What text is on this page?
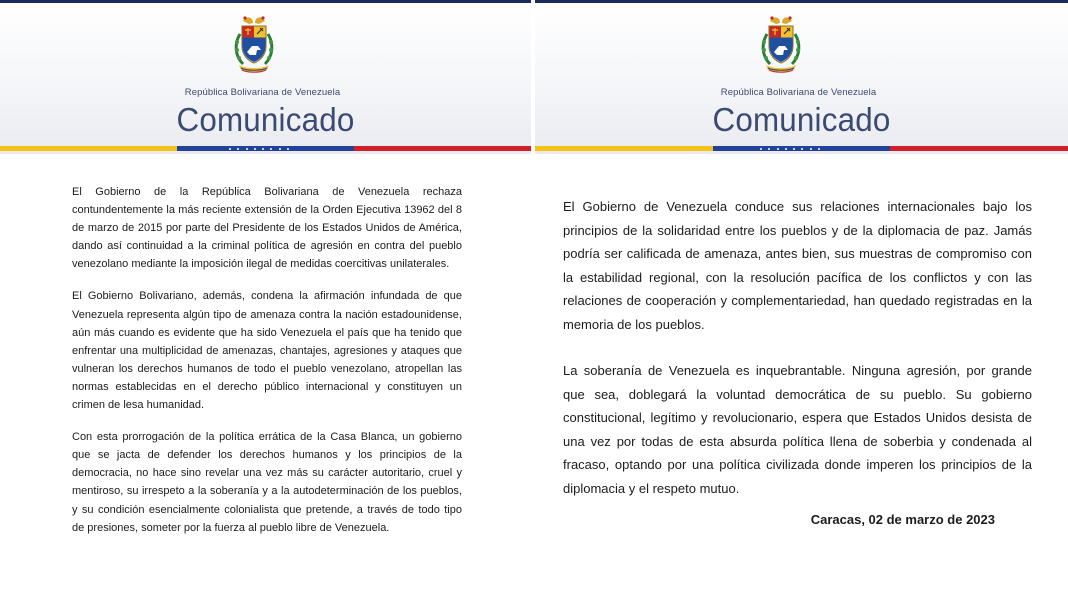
República Bolivariana de Venezuela
Comunicado

El Gobierno de la República Bolivariana de Venezuela rechaza contundentemente la más reciente extensión de la Orden Ejecutiva 13962 del 8 de marzo de 2015 por parte del Presidente de los Estados Unidos de América, dando así continuidad a la criminal política de agresión en contra del pueblo venezolano mediante la imposición ilegal de medidas coercitivas unilaterales.

El Gobierno Bolivariano, además, condena la afirmación infundada de que Venezuela representa algún tipo de amenaza contra la nación estadounidense, aún más cuando es evidente que ha sido Venezuela el país que ha tenido que enfrentar una multiplicidad de amenazas, chantajes, agresiones y ataques que vulneran los derechos humanos de todo el pueblo venezolano, atropellan las normas establecidas en el derecho público internacional y constituyen un crimen de lesa humanidad.

Con esta prorrogación de la política errática de la Casa Blanca, un gobierno que se jacta de defender los derechos humanos y los principios de la democracia, no hace sino revelar una vez más su carácter autoritario, cruel y mentiroso, su irrespeto a la soberanía y a la autodeterminación de los pueblos, y su condición esencialmente colonialista que pretende, a través de todo tipo de presiones, someter por la fuerza al pueblo libre de Venezuela.

República Bolivariana de Venezuela
Comunicado

El Gobierno de Venezuela conduce sus relaciones internacionales bajo los principios de la solidaridad entre los pueblos y de la diplomacia de paz. Jamás podría ser calificada de amenaza, antes bien, sus muestras de compromiso con la estabilidad regional, con la resolución pacífica de los conflictos y con las relaciones de cooperación y complementariedad, han quedado registradas en la memoria de los pueblos.

La soberanía de Venezuela es inquebrantable. Ninguna agresión, por grande que sea, doblegará la voluntad democrática de su pueblo. Su gobierno constitucional, legítimo y revolucionario, espera que Estados Unidos desista de una vez por todas de esta absurda política llena de soberbia y condenada al fracaso, optando por una política civilizada donde imperen los principios de la diplomacia y el respeto mutuo.

Caracas, 02 de marzo de 2023
